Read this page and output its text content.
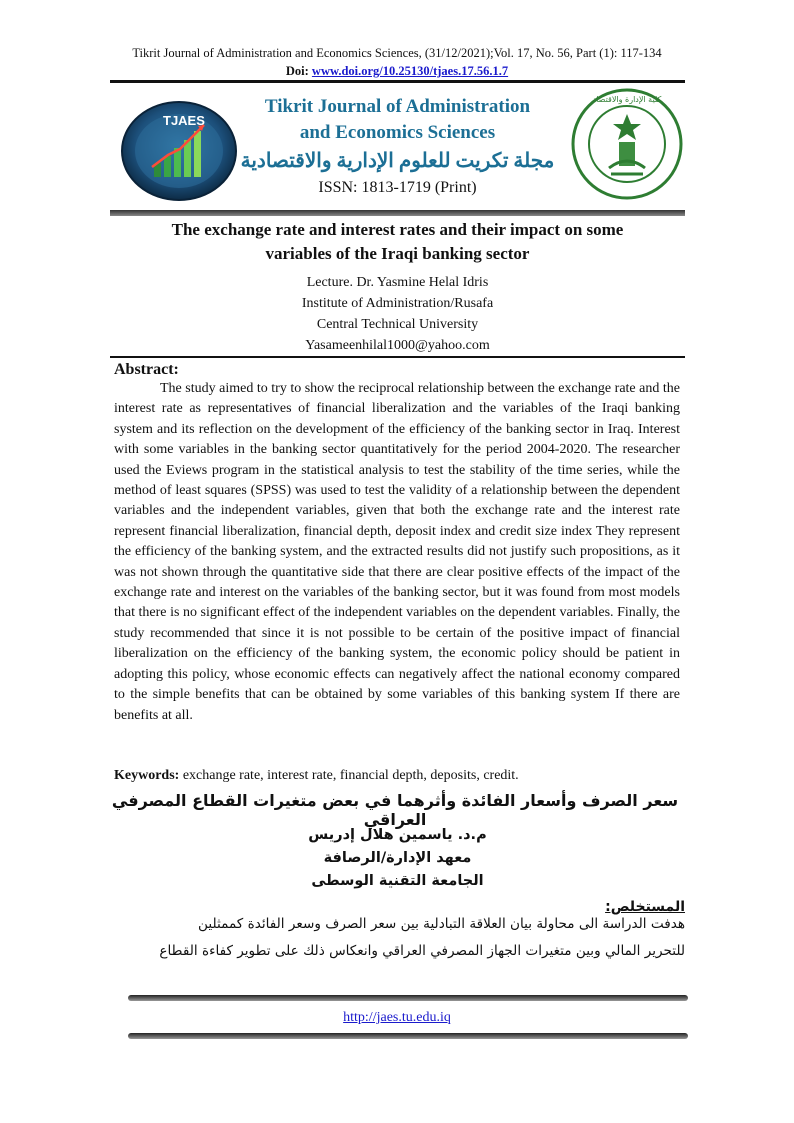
Tikrit Journal of Administration and Economics Sciences, (31/12/2021);Vol. 17, No. 56, Part (1): 117-134
Doi: www.doi.org/10.25130/tjaes.17.56.1.7
TJAES
Tikrit Journal of Administration
and Economics Sciences
مجلة تكريت للعلوم الإدارية والاقتصادية
ISSN: 1813-1719 (Print)
كلية الإدارة والاقتصاد
The exchange rate and interest rates and their impact on some
variables of the Iraqi banking sector
Lecture. Dr. Yasmine Helal Idris
Institute of Administration/Rusafa
Central Technical University
Yasameenhilal1000@yahoo.com
Abstract:

The study aimed to try to show the reciprocal relationship between the exchange rate and the interest rate as representatives of financial liberalization and the variables of the Iraqi banking system and its reflection on the development of the efficiency of the banking sector in Iraq. Interest with some variables in the banking sector quantitatively for the period 2004-2020. The researcher used the Eviews program in the statistical analysis to test the stability of the time series, while the method of least squares (SPSS) was used to test the validity of a relationship between the dependent variables and the independent variables, given that both the exchange rate and the interest rate represent financial liberalization, financial depth, deposit index and credit size index They represent the efficiency of the banking system, and the extracted results did not justify such propositions, as it was not shown through the quantitative side that there are clear positive effects of the impact of the exchange rate and interest on the variables of the banking sector, but it was found from most models that there is no significant effect of the independent variables on the dependent variables. Finally, the study recommended that since it is not possible to be certain of the positive impact of financial liberalization on the efficiency of the banking system, the economic policy should be patient in adopting this policy, whose economic effects can negatively affect the national economy compared to the simple benefits that can be obtained by some variables of this banking system If there are benefits at all.

Keywords: exchange rate, interest rate, financial depth, deposits, credit.
سعر الصرف وأسعار الفائدة وأثرهما في بعض متغيرات القطاع المصرفي العراقي
م.د. ياسمين هلال إدريس
معهد الإدارة/الرصافة
الجامعة التقنية الوسطى
المستخلص:
هدفت الدراسة الى محاولة بيان العلاقة التبادلية بين سعر الصرف وسعر الفائدة كممثلين
للتحرير المالي وبين متغيرات الجهاز المصرفي العراقي وانعكاس ذلك على تطوير كفاءة القطاع
http://jaes.tu.edu.iq
